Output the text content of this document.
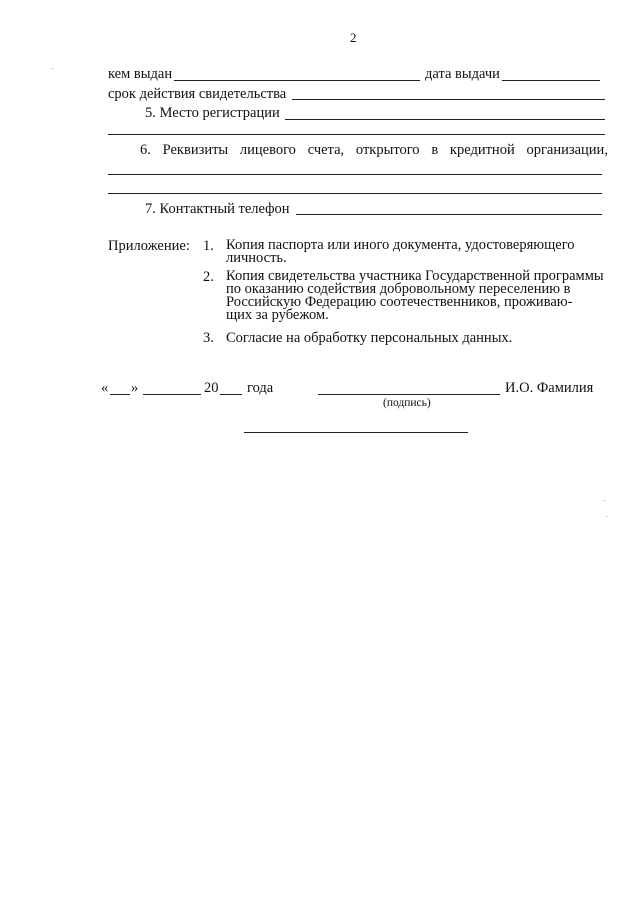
2
кем выдан	дата выдачи
срок действия свидетельства
5. Место регистрации
6. Реквизиты лицевого счета, открытого в кредитной организации,
7. Контактный телефон
Приложение: 1. Копия паспорта или иного документа, удостоверяющего
личность.
2. Копия свидетельства участника Государственной программы
по оказанию содействия добровольному переселению в
Российскую Федерацию соотечественников, проживаю-
щих за рубежом.
3. Согласие на обработку персональных данных.
« »	20 года	И.О. Фамилия
(подпись)
